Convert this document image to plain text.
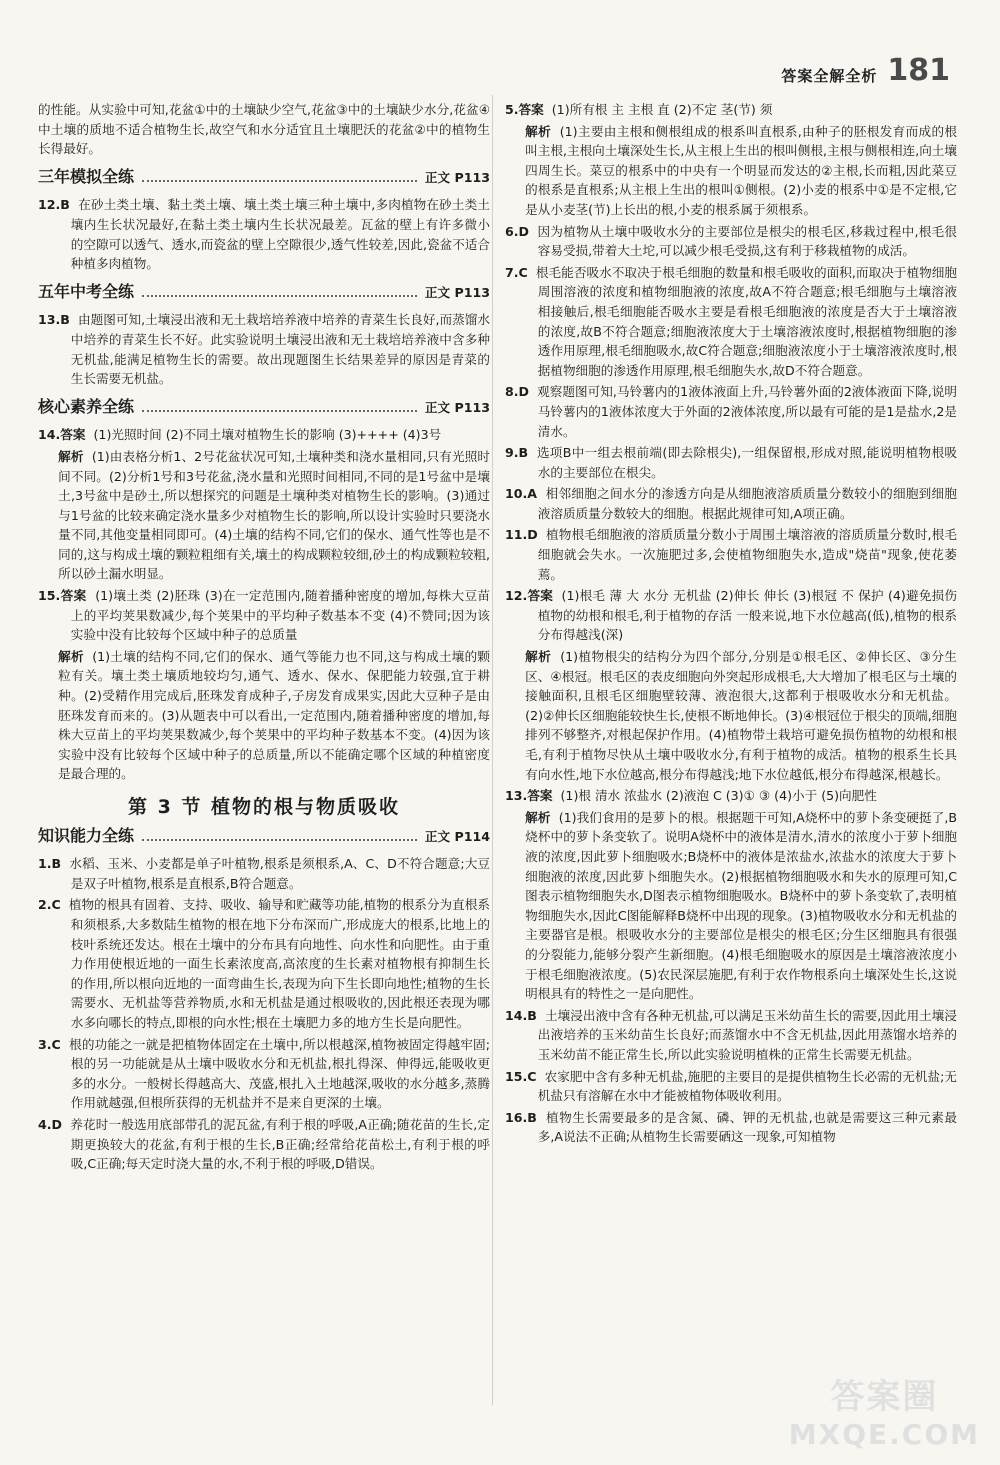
答案全解全析 181

的性能。从实验中可知,花盆①中的土壤缺少空气,花盆③中的土壤缺少水分,花盆④中土壤的质地不适合植物生长,故空气和水分适宜且土壤肥沃的花盆②中的植物生长得最好。

三年模拟全练	正文 P113

12.B 在砂土类土壤、黏土类土壤、壤土类土壤三种土壤中,多肉植物在砂土类土壤内生长状况最好,在黏土类土壤内生长状况最差。瓦盆的壁上有许多微小的空隙可以透气、透水,而瓷盆的壁上空隙很少,透气性较差,因此,瓷盆不适合种植多肉植物。

五年中考全练	正文 P113

13.B 由题图可知,土壤浸出液和无土栽培培养液中培养的青菜生长良好,而蒸馏水中培养的青菜生长不好。此实验说明土壤浸出液和无土栽培培养液中含多种无机盐,能满足植物生长的需要。故出现题图生长结果差异的原因是青菜的生长需要无机盐。

核心素养全练	正文 P113

14.答案 (1)光照时间 (2)不同土壤对植物生长的影响 (3)++++ (4)3号

解析 (1)由表格分析1、2号花盆状况可知,土壤种类和浇水量相同,只有光照时间不同。(2)分析1号和3号花盆,浇水量和光照时间相同,不同的是1号盆中是壤土,3号盆中是砂土,所以想探究的问题是土壤种类对植物生长的影响。(3)通过与1号盆的比较来确定浇水量多少对植物生长的影响,所以设计实验时只要浇水量不同,其他变量相同即可。(4)土壤的结构不同,它们的保水、通气性等也是不同的,这与构成土壤的颗粒粗细有关,壤土的构成颗粒较细,砂土的构成颗粒较粗,所以砂土漏水明显。

15.答案 (1)壤土类 (2)胚珠 (3)在一定范围内,随着播种密度的增加,每株大豆苗上的平均荚果数减少,每个荚果中的平均种子数基本不变 (4)不赞同;因为该实验中没有比较每个区域中种子的总质量

解析 (1)土壤的结构不同,它们的保水、通气等能力也不同,这与构成土壤的颗粒有关。壤土类土壤质地较均匀,通气、透水、保水、保肥能力较强,宜于耕种。(2)受精作用完成后,胚珠发育成种子,子房发育成果实,因此大豆种子是由胚珠发育而来的。(3)从题表中可以看出,一定范围内,随着播种密度的增加,每株大豆苗上的平均荚果数减少,每个荚果中的平均种子数基本不变。(4)因为该实验中没有比较每个区域中种子的总质量,所以不能确定哪个区域的种植密度是最合理的。

第 3 节 植物的根与物质吸收
知识能力全练	正文 P114

1.B 水稻、玉米、小麦都是单子叶植物,根系是须根系,A、C、D不符合题意;大豆是双子叶植物,根系是直根系,B符合题意。

2.C 植物的根具有固着、支持、吸收、输导和贮藏等功能,植物的根系分为直根系和须根系,大多数陆生植物的根在地下分布深而广,形成庞大的根系,比地上的枝叶系统还发达。根在土壤中的分布具有向地性、向水性和向肥性。由于重力作用使根近地的一面生长素浓度高,高浓度的生长素对植物根有抑制生长的作用,所以根向近地的一面弯曲生长,表现为向下生长即向地性;植物的生长需要水、无机盐等营养物质,水和无机盐是通过根吸收的,因此根还表现为哪水多向哪长的特点,即根的向水性;根在土壤肥力多的地方生长是向肥性。

3.C 根的功能之一就是把植物体固定在土壤中,所以根越深,植物被固定得越牢固;根的另一功能就是从土壤中吸收水分和无机盐,根扎得深、伸得远,能吸收更多的水分。一般树长得越高大、茂盛,根扎入土地越深,吸收的水分越多,蒸腾作用就越强,但根所获得的无机盐并不是来自更深的土壤。

4.D 养花时一般选用底部带孔的泥瓦盆,有利于根的呼吸,A正确;随花苗的生长,定期更换较大的花盆,有利于根的生长,B正确;经常给花苗松土,有利于根的呼吸,C正确;每天定时浇大量的水,不利于根的呼吸,D错误。

5.答案 (1)所有根 主 主根 直 (2)不定 茎(节) 须

解析 (1)主要由主根和侧根组成的根系叫直根系,由种子的胚根发育而成的根叫主根,主根向土壤深处生长,从主根上生出的根叫侧根,主根与侧根相连,向土壤四周生长。菜豆的根系中的中央有一个明显而发达的②主根,长而粗,因此菜豆的根系是直根系;从主根上生出的根叫①侧根。(2)小麦的根系中①是不定根,它是从小麦茎(节)上长出的根,小麦的根系属于须根系。

6.D 因为植物从土壤中吸收水分的主要部位是根尖的根毛区,移栽过程中,根毛很容易受损,带着大土坨,可以减少根毛受损,这有利于移栽植物的成活。

7.C 根毛能否吸水不取决于根毛细胞的数量和根毛吸收的面积,而取决于植物细胞周围溶液的浓度和植物细胞液的浓度,故A不符合题意;根毛细胞与土壤溶液相接触后,根毛细胞能否吸水主要是看根毛细胞液的浓度是否大于土壤溶液的浓度,故B不符合题意;细胞液浓度大于土壤溶液浓度时,根据植物细胞的渗透作用原理,根毛细胞吸水,故C符合题意;细胞液浓度小于土壤溶液浓度时,根据植物细胞的渗透作用原理,根毛细胞失水,故D不符合题意。

8.D 观察题图可知,马铃薯内的1液体液面上升,马铃薯外面的2液体液面下降,说明马铃薯内的1液体浓度大于外面的2液体浓度,所以最有可能的是1是盐水,2是清水。

9.B 选项B中一组去根前端(即去除根尖),一组保留根,形成对照,能说明植物根吸水的主要部位在根尖。

10.A 相邻细胞之间水分的渗透方向是从细胞液溶质质量分数较小的细胞到细胞液溶质质量分数较大的细胞。根据此规律可知,A项正确。

11.D 植物根毛细胞液的溶质质量分数小于周围土壤溶液的溶质质量分数时,根毛细胞就会失水。一次施肥过多,会使植物细胞失水,造成"烧苗"现象,使花萎蔫。

12.答案 (1)根毛 薄 大 水分 无机盐 (2)伸长 伸长 (3)根冠 不 保护 (4)避免损伤植物的幼根和根毛,利于植物的存活 一般来说,地下水位越高(低),植物的根系分布得越浅(深)

解析 (1)植物根尖的结构分为四个部分,分别是①根毛区、②伸长区、③分生区、④根冠。根毛区的表皮细胞向外突起形成根毛,大大增加了根毛区与土壤的接触面积,且根毛区细胞壁较薄、液泡很大,这都利于根吸收水分和无机盐。(2)②伸长区细胞能较快生长,使根不断地伸长。(3)④根冠位于根尖的顶端,细胞排列不够整齐,对根起保护作用。(4)植物带土栽培可避免损伤植物的幼根和根毛,有利于植物尽快从土壤中吸收水分,有利于植物的成活。植物的根系生长具有向水性,地下水位越高,根分布得越浅;地下水位越低,根分布得越深,根越长。

13.答案 (1)根 清水 浓盐水 (2)液泡 C (3)① ③ (4)小于 (5)向肥性

解析 (1)我们食用的是萝卜的根。根据题干可知,A烧杯中的萝卜条变硬挺了,B烧杯中的萝卜条变软了。说明A烧杯中的液体是清水,清水的浓度小于萝卜细胞液的浓度,因此萝卜细胞吸水;B烧杯中的液体是浓盐水,浓盐水的浓度大于萝卜细胞液的浓度,因此萝卜细胞失水。(2)根据植物细胞吸水和失水的原理可知,C图表示植物细胞失水,D图表示植物细胞吸水。B烧杯中的萝卜条变软了,表明植物细胞失水,因此C图能解释B烧杯中出现的现象。(3)植物吸收水分和无机盐的主要器官是根。根吸收水分的主要部位是根尖的根毛区;分生区细胞具有很强的分裂能力,能够分裂产生新细胞。(4)根毛细胞吸水的原因是土壤溶液浓度小于根毛细胞液浓度。(5)农民深层施肥,有利于农作物根系向土壤深处生长,这说明根具有的特性之一是向肥性。

14.B 土壤浸出液中含有各种无机盐,可以满足玉米幼苗生长的需要,因此用土壤浸出液培养的玉米幼苗生长良好;而蒸馏水中不含无机盐,因此用蒸馏水培养的玉米幼苗不能正常生长,所以此实验说明植株的正常生长需要无机盐。

15.C 农家肥中含有多种无机盐,施肥的主要目的是提供植物生长必需的无机盐;无机盐只有溶解在水中才能被植物体吸收利用。

16.B 植物生长需要最多的是含氮、磷、钾的无机盐,也就是需要这三种元素最多,A说法不正确;从植物生长需要硒这一现象,可知植物

答案圈
MXQE.COM
